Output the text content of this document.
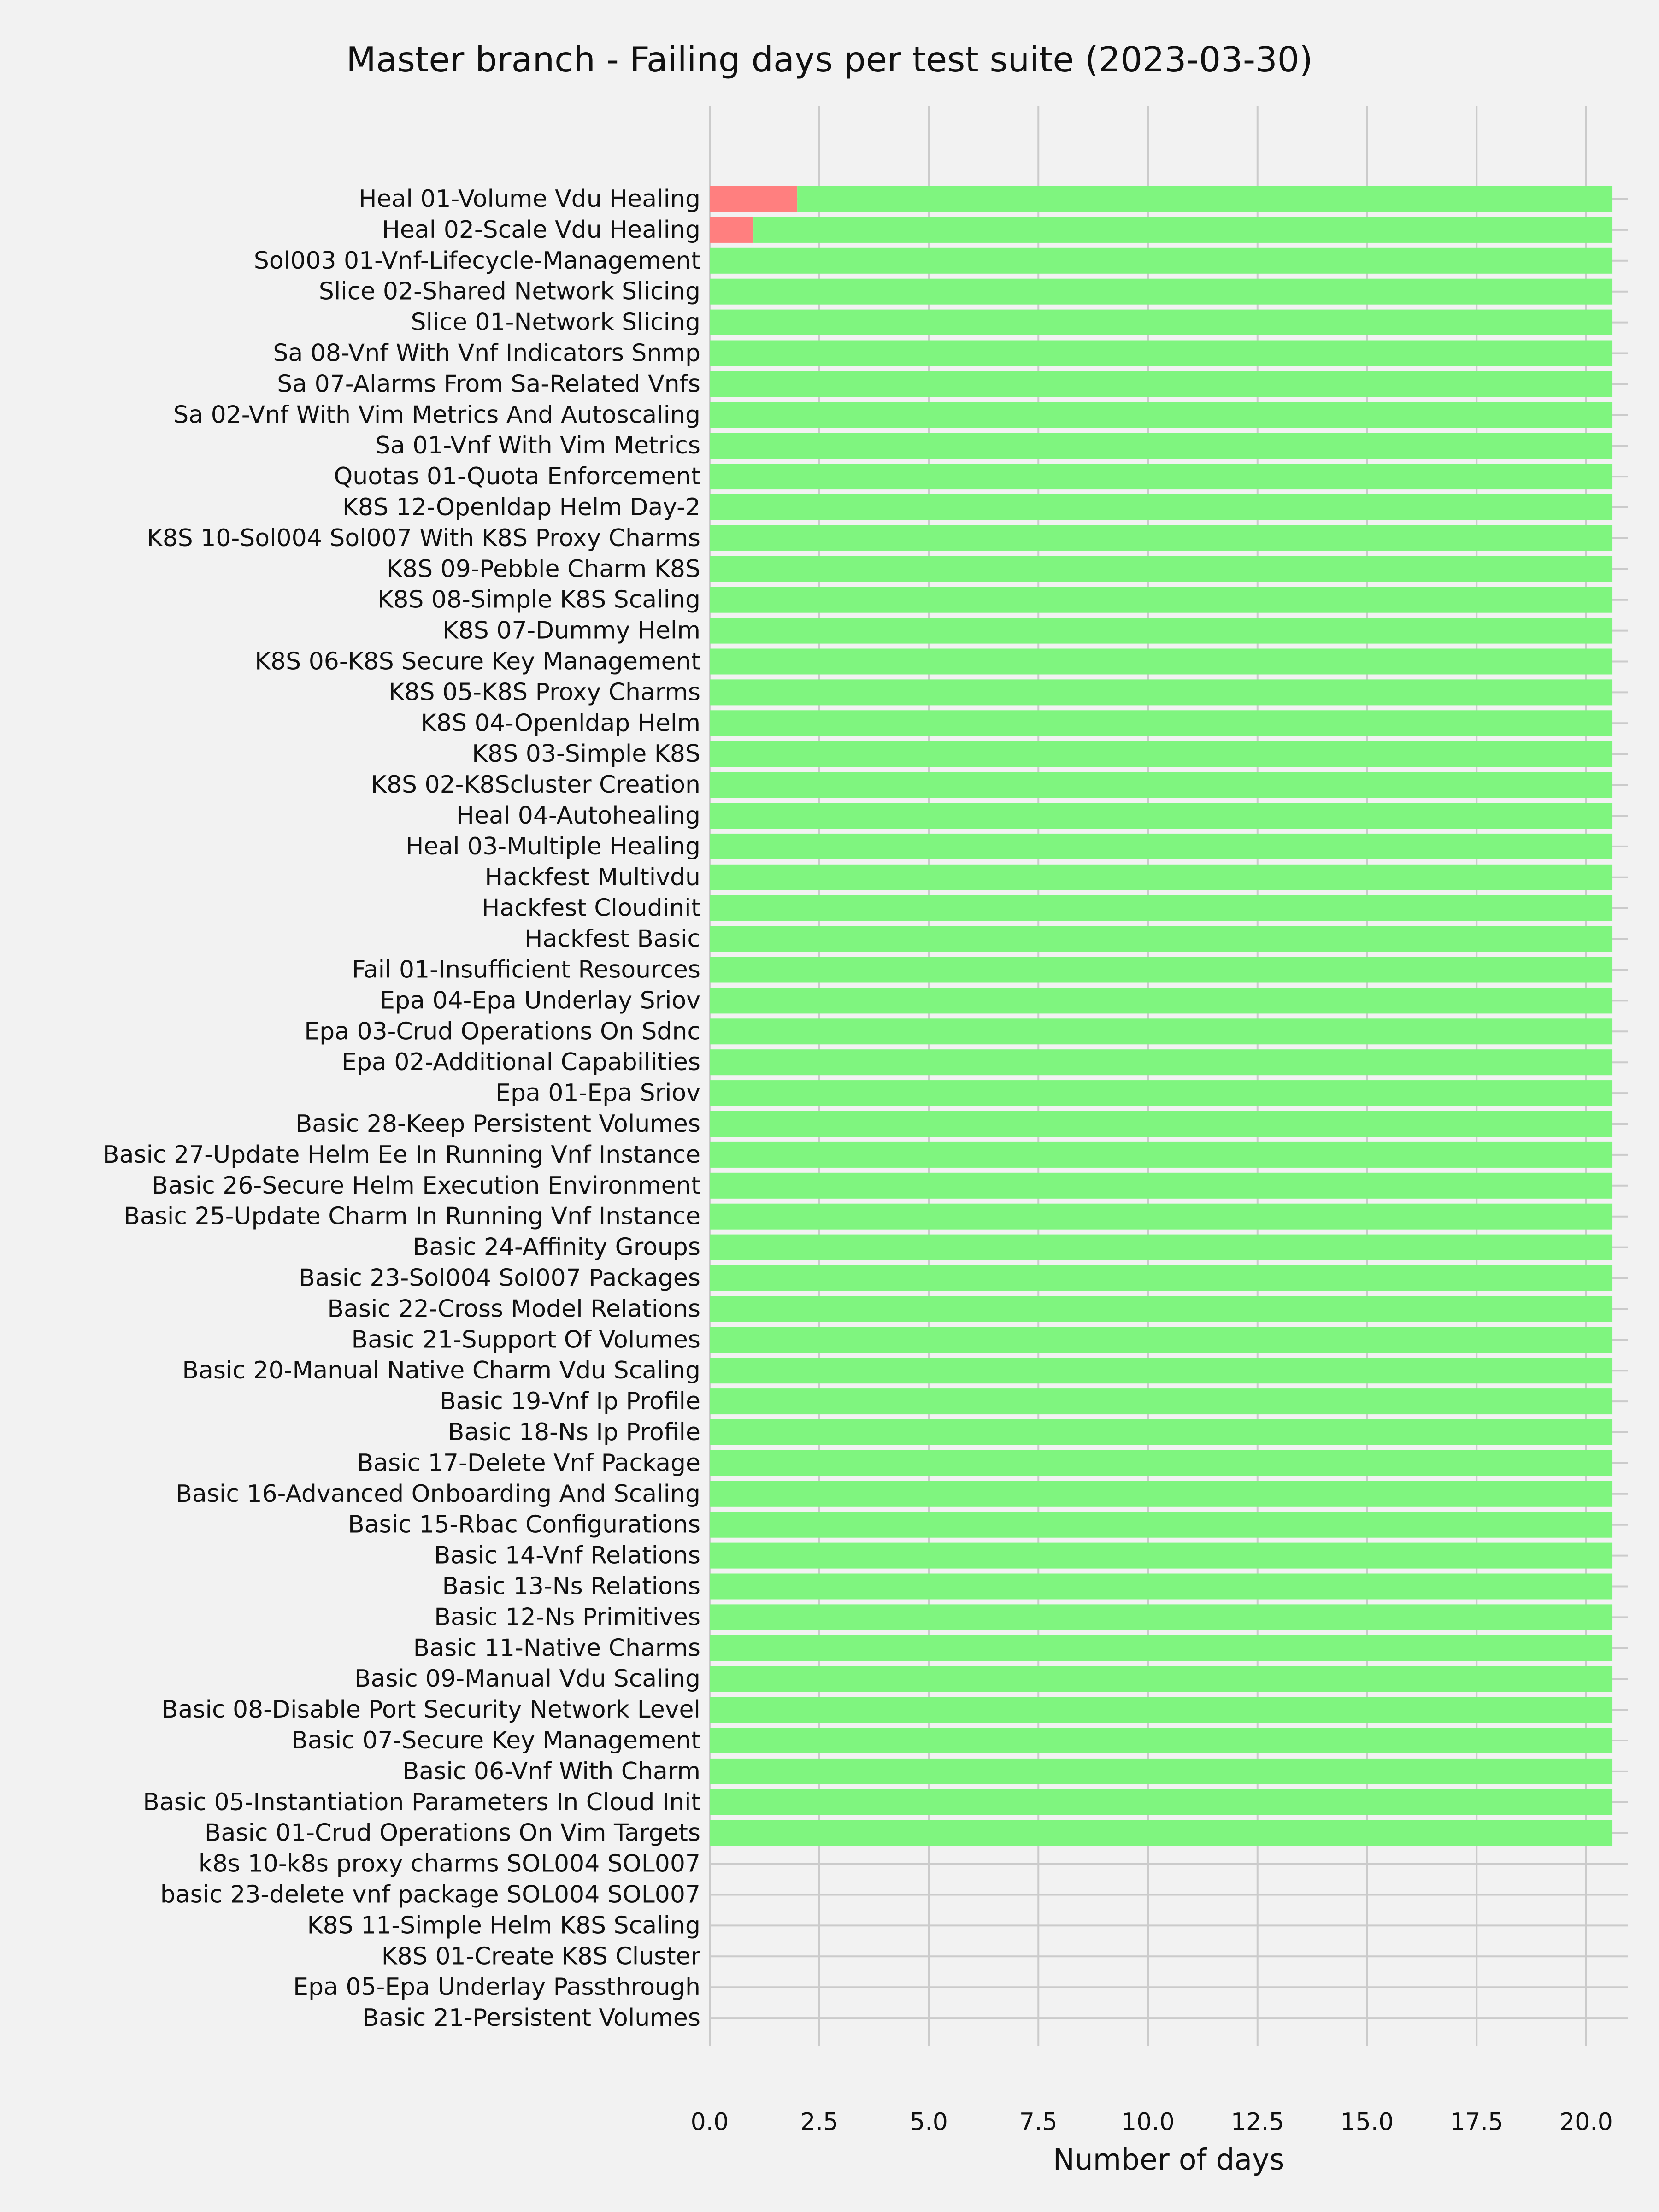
Master branch - Failing days per test suite (2023-03-30)
Heal 01-Volume Vdu Healing
Heal 02-Scale Vdu Healing
Sol003 01-Vnf-Lifecycle-Management
Slice 02-Shared Network Slicing
Slice 01-Network Slicing
Sa 08-Vnf With Vnf Indicators Snmp
Sa 07-Alarms From Sa-Related Vnfs
Sa 02-Vnf With Vim Metrics And Autoscaling
Sa 01-Vnf With Vim Metrics
Quotas 01-Quota Enforcement
K8S 12-Openldap Helm Day-2
K8S 10-Sol004 Sol007 With K8S Proxy Charms
K8S 09-Pebble Charm K8S
K8S 08-Simple K8S Scaling
K8S 07-Dummy Helm
K8S 06-K8S Secure Key Management
K8S 05-K8S Proxy Charms
K8S 04-Openldap Helm
K8S 03-Simple K8S
K8S 02-K8Scluster Creation
Heal 04-Autohealing
Heal 03-Multiple Healing
Hackfest Multivdu
Hackfest Cloudinit
Hackfest Basic
Fail 01-Insufficient Resources
Epa 04-Epa Underlay Sriov
Epa 03-Crud Operations On Sdnc
Epa 02-Additional Capabilities
Epa 01-Epa Sriov
Basic 28-Keep Persistent Volumes
Basic 27-Update Helm Ee In Running Vnf Instance
Basic 26-Secure Helm Execution Environment
Basic 25-Update Charm In Running Vnf Instance
Basic 24-Affinity Groups
Basic 23-Sol004 Sol007 Packages
Basic 22-Cross Model Relations
Basic 21-Support Of Volumes
Basic 20-Manual Native Charm Vdu Scaling
Basic 19-Vnf Ip Profile
Basic 18-Ns Ip Profile
Basic 17-Delete Vnf Package
Basic 16-Advanced Onboarding And Scaling
Basic 15-Rbac Configurations
Basic 14-Vnf Relations
Basic 13-Ns Relations
Basic 12-Ns Primitives
Basic 11-Native Charms
Basic 09-Manual Vdu Scaling
Basic 08-Disable Port Security Network Level
Basic 07-Secure Key Management
Basic 06-Vnf With Charm
Basic 05-Instantiation Parameters In Cloud Init
Basic 01-Crud Operations On Vim Targets
k8s 10-k8s proxy charms SOL004 SOL007
basic 23-delete vnf package SOL004 SOL007
K8S 11-Simple Helm K8S Scaling
K8S 01-Create K8S Cluster
Epa 05-Epa Underlay Passthrough
Basic 21-Persistent Volumes
0.0	2.5	5.0	7.5	10.0 12.5 15.0 17.5 20.0
Number of days
